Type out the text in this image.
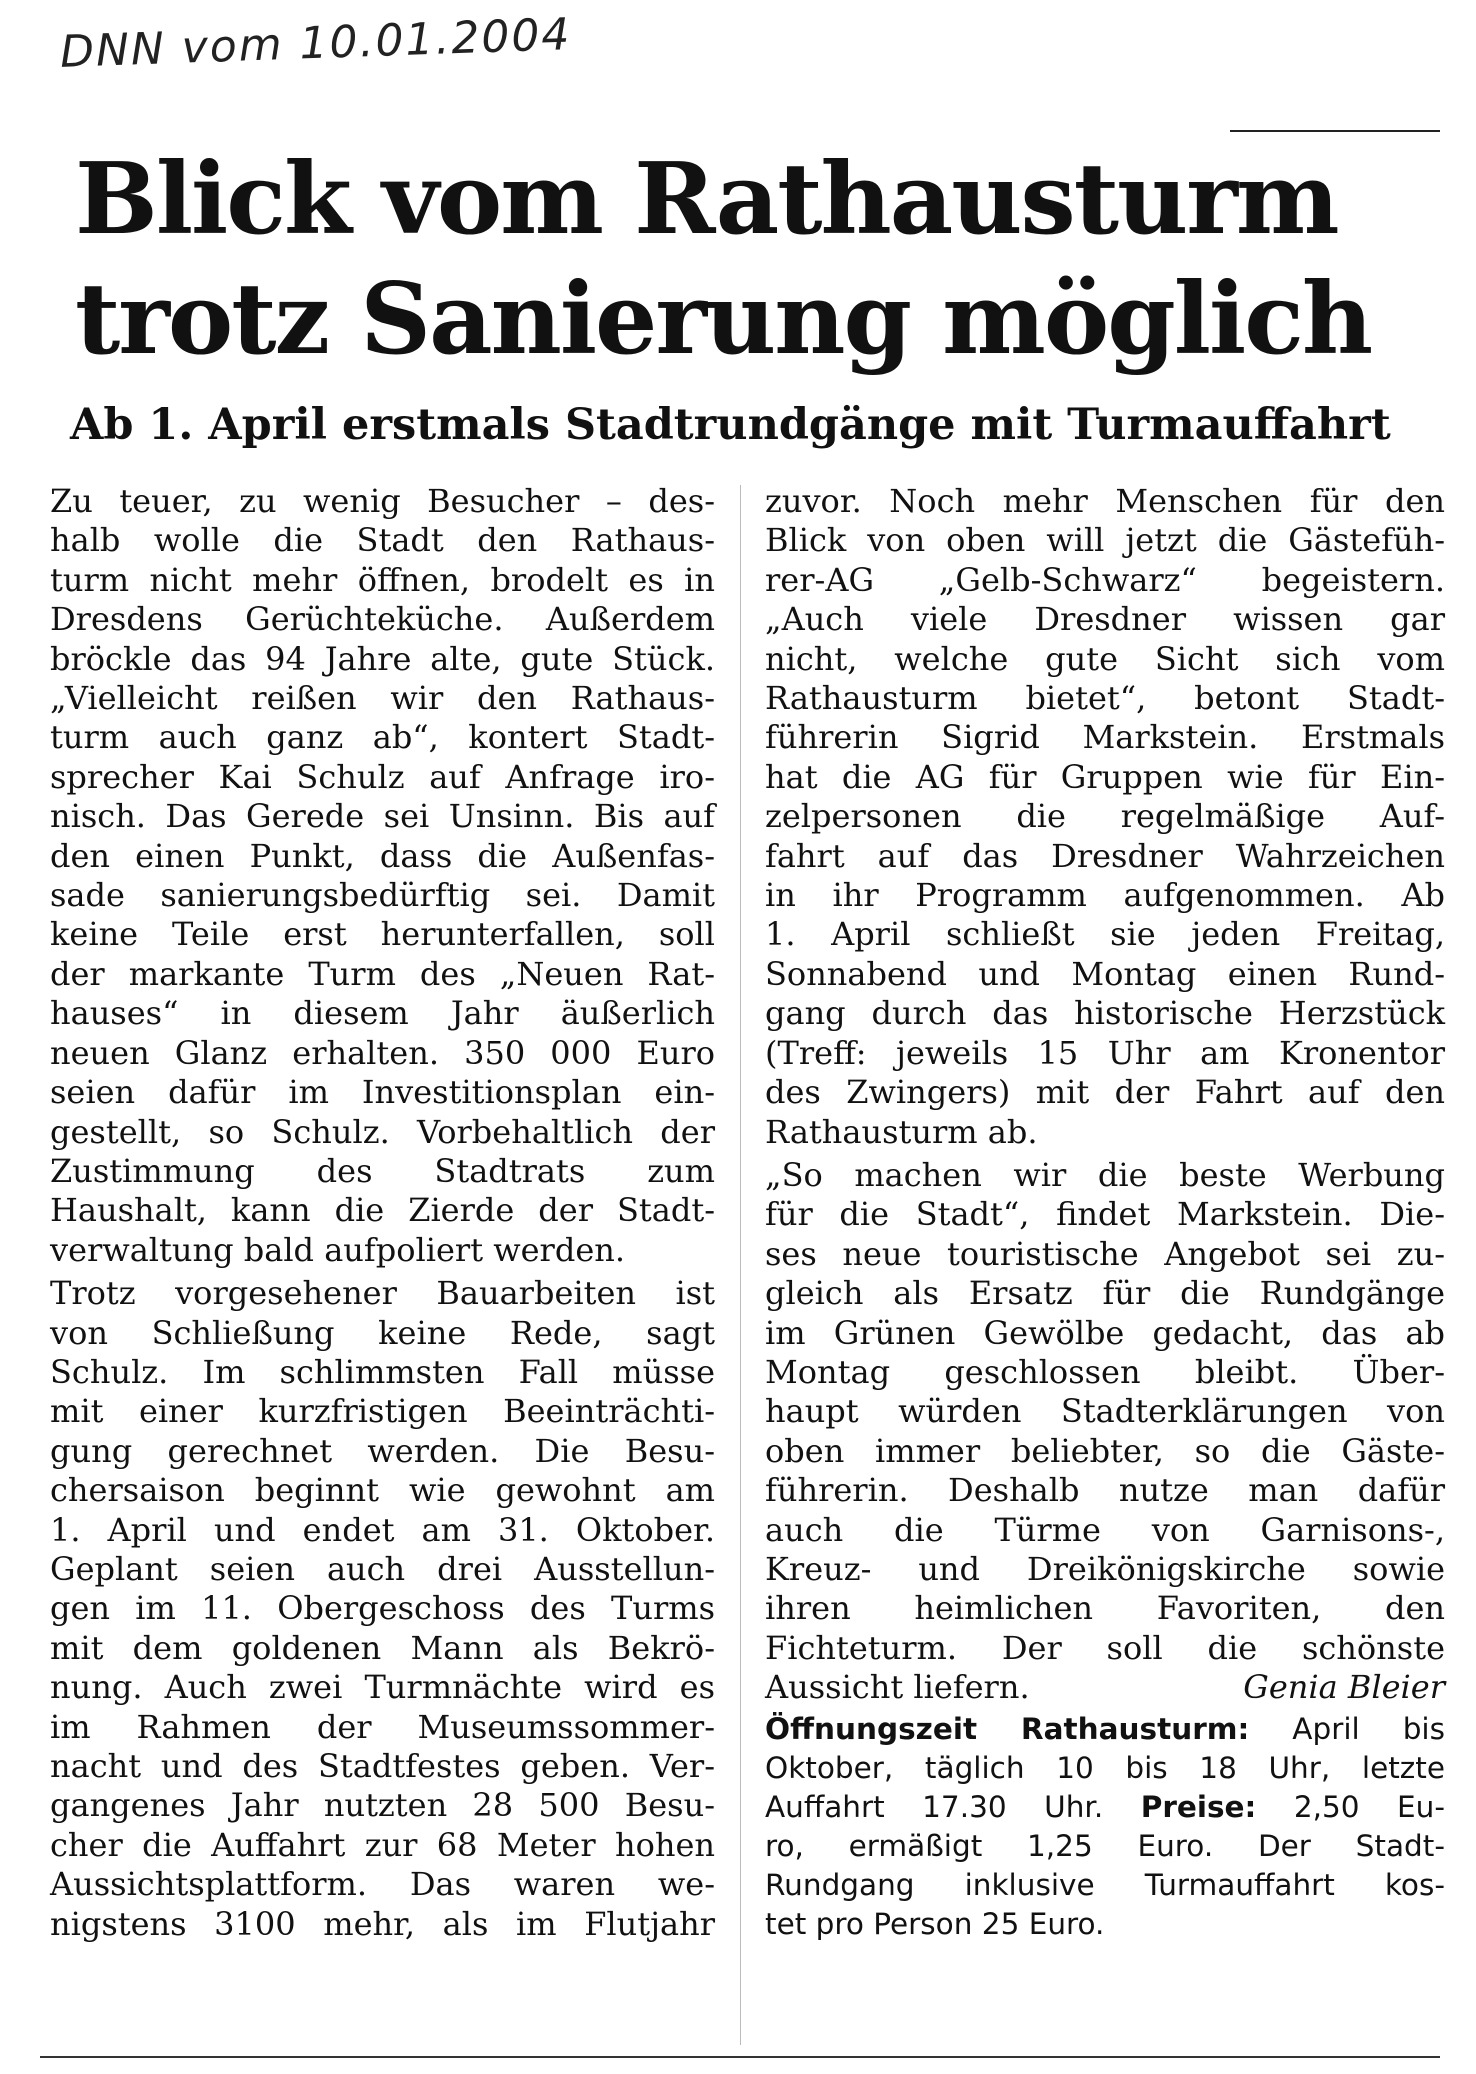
DNN vom 10.01.2004
Blick vom Rathausturm
trotz Sanierung möglich
Ab 1. April erstmals Stadtrundgänge mit Turmauffahrt
Zu teuer, zu wenig Besucher – des-
halb wolle die Stadt den Rathaus-
turm nicht mehr öffnen, brodelt es in
Dresdens Gerüchteküche. Außerdem
bröckle das 94 Jahre alte, gute Stück.
„Vielleicht reißen wir den Rathaus-
turm auch ganz ab“, kontert Stadt-
sprecher Kai Schulz auf Anfrage iro-
nisch. Das Gerede sei Unsinn. Bis auf
den einen Punkt, dass die Außenfas-
sade sanierungsbedürftig sei. Damit
keine Teile erst herunterfallen, soll
der markante Turm des „Neuen Rat-
hauses“ in diesem Jahr äußerlich
neuen Glanz erhalten. 350 000 Euro
seien dafür im Investitionsplan ein-
gestellt, so Schulz. Vorbehaltlich der
Zustimmung des Stadtrats zum
Haushalt, kann die Zierde der Stadt-
verwaltung bald aufpoliert werden.
Trotz vorgesehener Bauarbeiten ist
von Schließung keine Rede, sagt
Schulz. Im schlimmsten Fall müsse
mit einer kurzfristigen Beeinträchti-
gung gerechnet werden. Die Besu-
chersaison beginnt wie gewohnt am
1. April und endet am 31. Oktober.
Geplant seien auch drei Ausstellun-
gen im 11. Obergeschoss des Turms
mit dem goldenen Mann als Bekrö-
nung. Auch zwei Turmnächte wird es
im Rahmen der Museumssommer-
nacht und des Stadtfestes geben. Ver-
gangenes Jahr nutzten 28 500 Besu-
cher die Auffahrt zur 68 Meter hohen
Aussichtsplattform. Das waren we-
nigstens 3100 mehr, als im Flutjahr
zuvor. Noch mehr Menschen für den
Blick von oben will jetzt die Gästefüh-
rer-AG „Gelb-Schwarz“ begeistern.
„Auch viele Dresdner wissen gar
nicht, welche gute Sicht sich vom
Rathausturm bietet“, betont Stadt-
führerin Sigrid Markstein. Erstmals
hat die AG für Gruppen wie für Ein-
zelpersonen die regelmäßige Auf-
fahrt auf das Dresdner Wahrzeichen
in ihr Programm aufgenommen. Ab
1. April schließt sie jeden Freitag,
Sonnabend und Montag einen Rund-
gang durch das historische Herzstück
(Treff: jeweils 15 Uhr am Kronentor
des Zwingers) mit der Fahrt auf den
Rathausturm ab.
„So machen wir die beste Werbung
für die Stadt“, findet Markstein. Die-
ses neue touristische Angebot sei zu-
gleich als Ersatz für die Rundgänge
im Grünen Gewölbe gedacht, das ab
Montag geschlossen bleibt. Über-
haupt würden Stadterklärungen von
oben immer beliebter, so die Gäste-
führerin. Deshalb nutze man dafür
auch die Türme von Garnisons-,
Kreuz- und Dreikönigskirche sowie
ihren heimlichen Favoriten, den
Fichteturm. Der soll die schönste
Aussicht liefern.	Genia Bleier
Öffnungszeit Rathausturm: April bis
Oktober, täglich 10 bis 18 Uhr, letzte
Auffahrt 17.30 Uhr. Preise: 2,50 Eu-
ro, ermäßigt 1,25 Euro. Der Stadt-
Rundgang inklusive Turmauffahrt kos-
tet pro Person 25 Euro.
